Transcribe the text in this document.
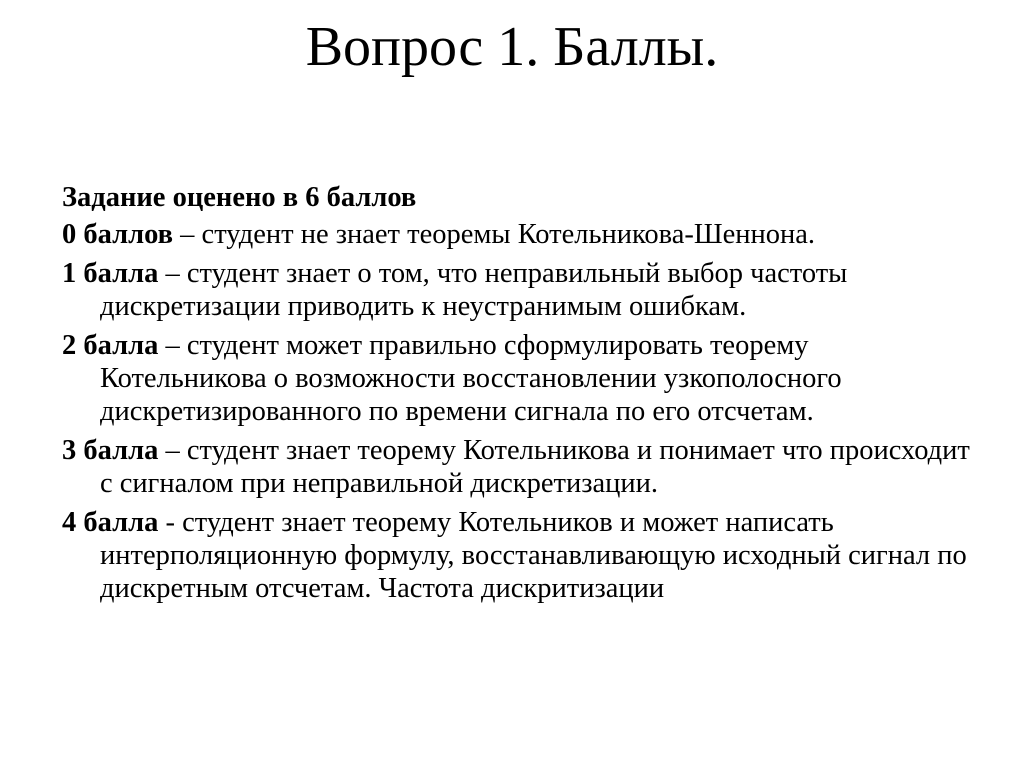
Вопрос 1. Баллы.

Задание оценено в 6 баллов

0 баллов – студент не знает теоремы Котельникова-Шеннона.

1 балла – студент знает о том, что неправильный выбор частоты дискретизации приводить к неустранимым ошибкам.

2 балла – студент может правильно сформулировать теорему Котельникова о возможности восстановлении узкополосного дискретизированного по времени сигнала по его отсчетам.

3 балла – студент знает теорему Котельникова и понимает что происходит с сигналом при неправильной дискретизации.

4 балла - студент знает теорему Котельников и может написать интерполяционную формулу, восстанавливающую исходный сигнал по дискретным отсчетам. Частота дискритизации
